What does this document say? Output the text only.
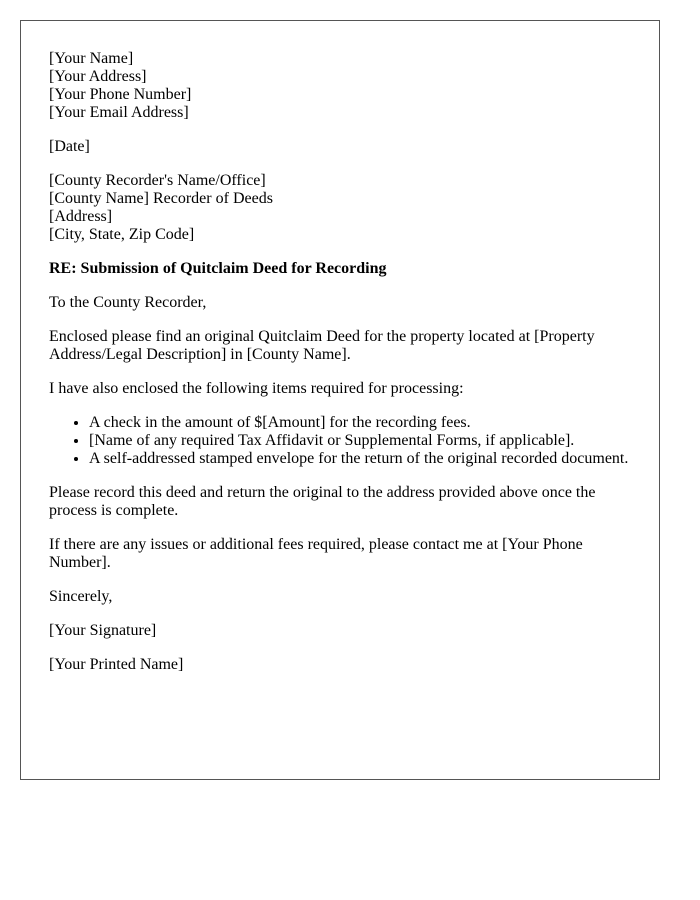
[Your Name]
[Your Address]
[Your Phone Number]
[Your Email Address]

[Date]

[County Recorder's Name/Office]
[County Name] Recorder of Deeds
[Address]
[City, State, Zip Code]

RE: Submission of Quitclaim Deed for Recording

To the County Recorder,

Enclosed please find an original Quitclaim Deed for the property located at [Property Address/Legal Description] in [County Name].

I have also enclosed the following items required for processing:

• A check in the amount of $[Amount] for the recording fees.
• [Name of any required Tax Affidavit or Supplemental Forms, if applicable].
• A self-addressed stamped envelope for the return of the original recorded document.

Please record this deed and return the original to the address provided above once the process is complete.

If there are any issues or additional fees required, please contact me at [Your Phone Number].

Sincerely,

[Your Signature]

[Your Printed Name]
